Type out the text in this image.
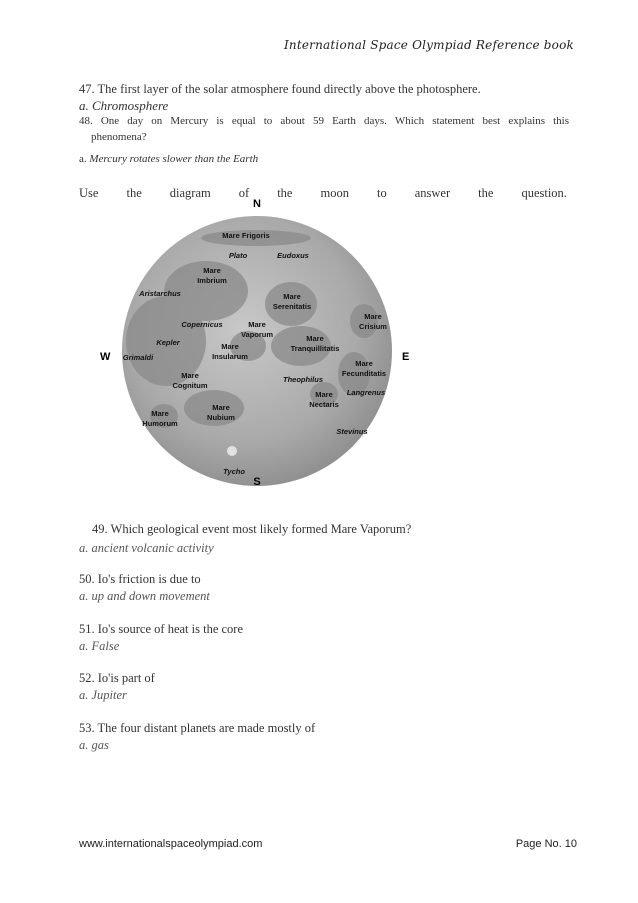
International Space Olympiad Reference book
47. The first layer of the solar atmosphere found directly above the photosphere.
a. Chromosphere
48. One day on Mercury is equal to about 59 Earth days. Which statement best explains this
phenomena?
a. Mercury rotates slower than the Earth
Use the diagram of the moon to answer the question.
N
S
W	E
Mare Frigoris
Plato	Eudoxus
Mare
Imbrium
Aristarchus	Mare
Serenitatis
Mare
Crisium
Copernicus	Mare
Vaporum	Mare
Tranquillitatis
Kepler
Grimaldi
Mare
Insularum
Mare
Fecunditatis
Mare
Cognitum
Theophilus
Langrenus
Mare
Nectaris
Mare
Nubium
Mare
Humorum
Stevinus
Tycho
49. Which geological event most likely formed Mare Vaporum?
a. ancient volcanic activity
50. Io's friction is due to
a. up and down movement
51. Io's source of heat is the core
a. False
52. Io'is part of
a. Jupiter
53. The four distant planets are made mostly of
a. gas
www.internationalspaceolympiad.com	Page No. 10
